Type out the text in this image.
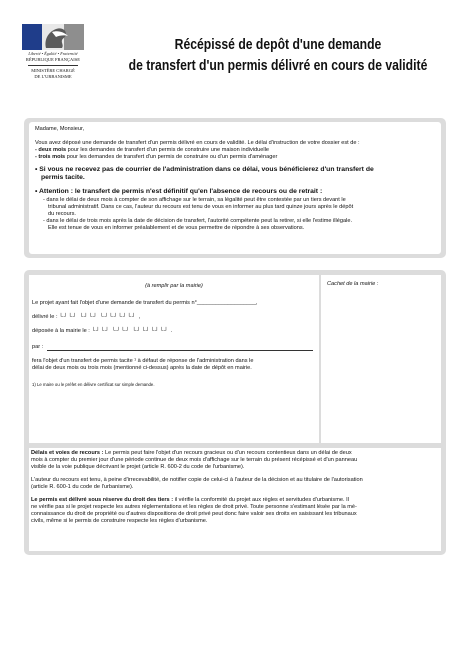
Liberté • Égalité • Fraternité
RÉPUBLIQUE FRANÇAISE
MINISTÈRE CHARGÉ
DE L'URBANISME
Récépissé de depôt d'une demande
de transfert d'un permis délivré en cours de validité
Madame, Monsieur,
Vous avez déposé une demande de transfert d'un permis délivré en cours de validité. Le délai d'instruction de votre dossier est de :
- deux mois pour les demandes de transfert d'un permis de construire une maison individuelle
- trois mois pour les demandes de transfert d'un permis de construire ou d'un permis d'aménager
• Si vous ne recevez pas de courrier de l'administration dans ce délai, vous bénéficierez d'un transfert de
permis tacite.
• Attention : le transfert de permis n'est définitif qu'en l'absence de recours ou de retrait :
- dans le délai de deux mois à compter de son affichage sur le terrain, sa légalité peut être contestée par un tiers devant le
tribunal administratif. Dans ce cas, l'auteur du recours est tenu de vous en informer au plus tard quinze jours après le dépôt
du recours.
- dans le délai de trois mois après la date de décision de transfert, l'autorité compétente peut la retirer, si elle l'estime illégale.
Elle est tenue de vous en informer préalablement et de vous permettre de répondre à ses observations.
(à remplir par la mairie)
Le projet ayant fait l'objet d'une demande de transfert du permis n°___________________,
délivré le : └┘└┘ └┘└┘ └┘└┘└┘└┘ ,
déposée à la mairie le : └┘└┘ └┘└┘ └┘└┘└┘└┘ .
par :
fera l'objet d'un transfert de permis tacite ¹ à défaut de réponse de l'administration dans le
délai de deux mois ou trois mois (mentionné ci-dessus) après la date de dépôt en mairie.
1) Le maire ou le préfet en délivre certificat sur simple demande.
Cachet de la mairie :
Délais et voies de recours : Le permis peut faire l'objet d'un recours gracieux ou d'un recours contentieux dans un délai de deux
mois à compter du premier jour d'une période continue de deux mois d'affichage sur le terrain du présent récépissé et d'un panneau
visible de la voie publique décrivant le projet (article R. 600-2 du code de l'urbanisme).
L'auteur du recours est tenu, à peine d'irrecevabilité, de notifier copie de celui-ci à l'auteur de la décision et au titulaire de l'autorisation
(article R. 600-1 du code de l'urbanisme).
Le permis est délivré sous réserve du droit des tiers : il vérifie la conformité du projet aux règles et servitudes d'urbanisme. Il
ne vérifie pas si le projet respecte les autres réglementations et les règles de droit privé. Toute personne s'estimant lésée par la mé-
connaissance du droit de propriété ou d'autres dispositions de droit privé peut donc faire valoir ses droits en saisissant les tribunaux
civils, même si le permis de construire respecte les règles d'urbanisme.
